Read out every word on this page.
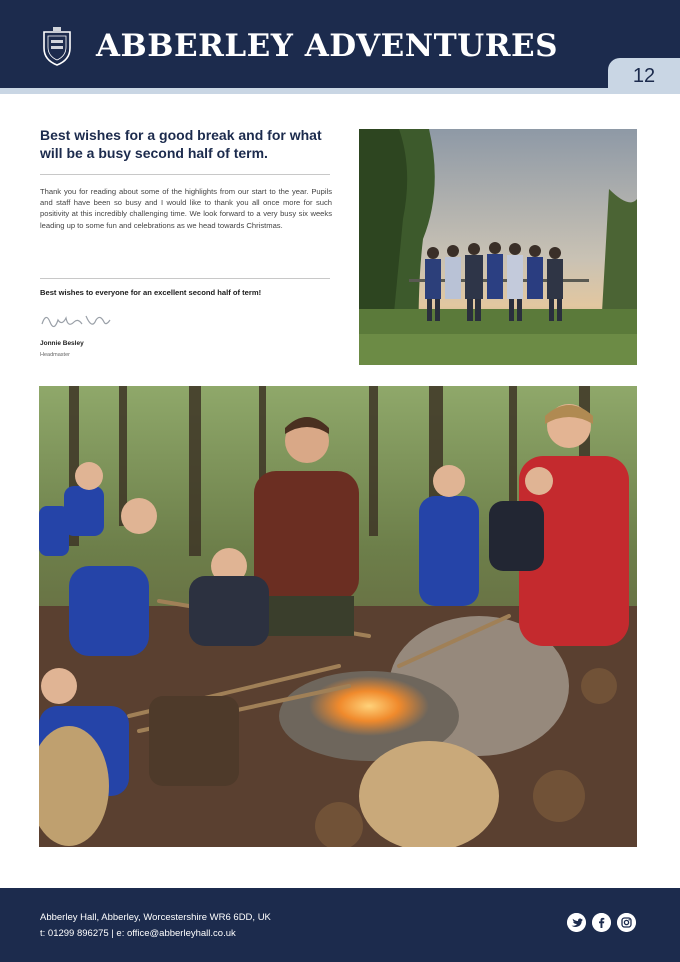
ABBERLEY ADVENTURES
12
Best wishes for a good break and for what will be a busy second half of term.

Thank you for reading about some of the highlights from our start to the year. Pupils and staff have been so busy and I would like to thank you all once more for such positivity at this incredibly challenging time. We look forward to a very busy six weeks leading up to some fun and celebrations as we head towards Christmas.

Best wishes to everyone for an excellent second half of term!

Jonnie Besley

Headmaster

Abberley Hall, Abberley, Worcestershire WR6 6DD, UK

t: 01299 896275 | e: office@abberleyhall.co.uk
